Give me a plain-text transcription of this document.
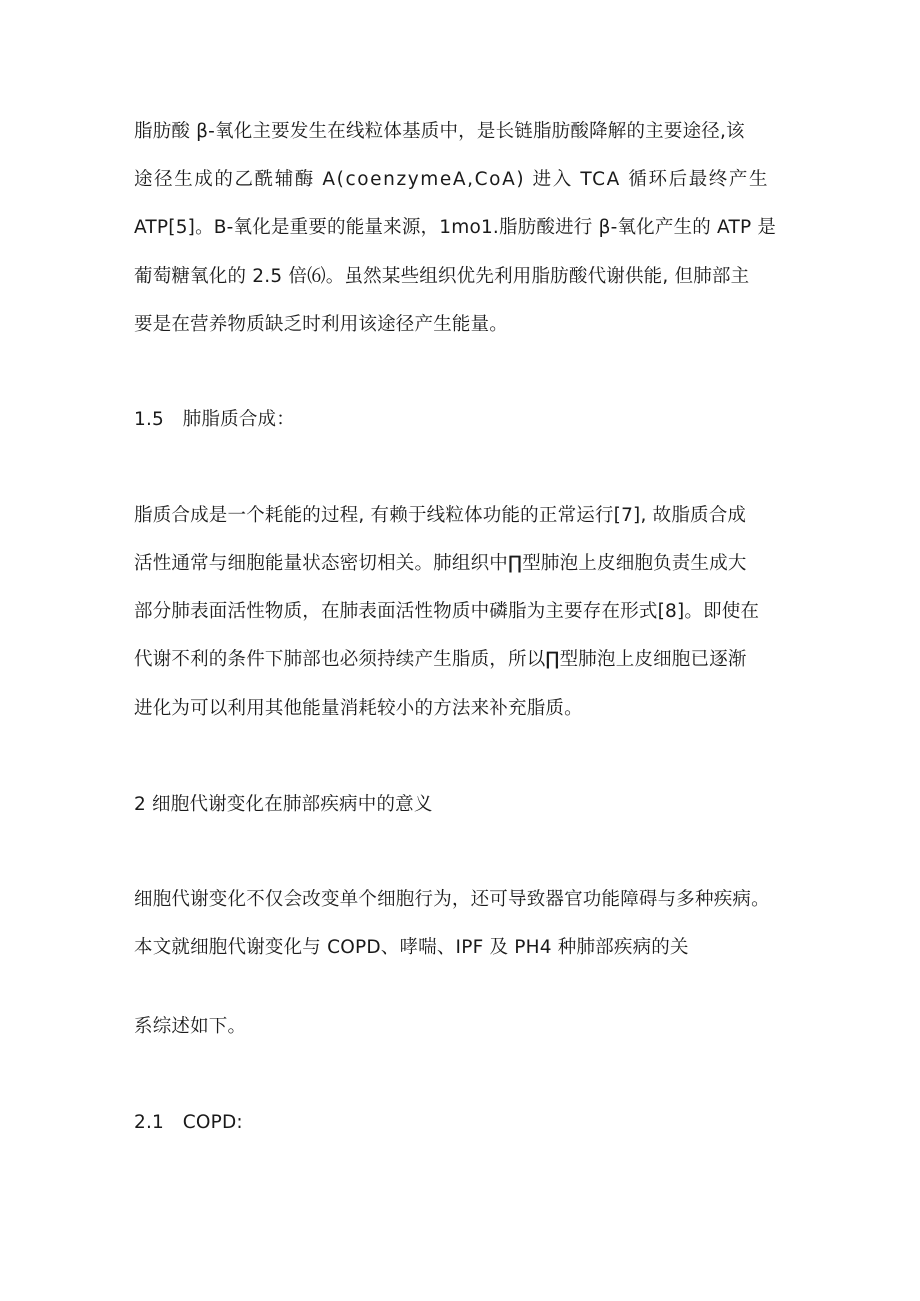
脂肪酸 β-氧化主要发生在线粒体基质中，是长链脂肪酸降解的主要途径,该
途径生成的乙酰辅酶 A(coenzymeA,CoA) 进入 TCA 循环后最终产生
ATP[5]。B-氧化是重要的能量来源，1mo1.脂肪酸进行 β-氧化产生的 ATP 是
葡萄糖氧化的 2.5 倍⑹。虽然某些组织优先利用脂肪酸代谢供能, 但肺部主
要是在营养物质缺乏时利用该途径产生能量。
1.5 肺脂质合成：
脂质合成是一个耗能的过程, 有赖于线粒体功能的正常运行[7], 故脂质合成
活性通常与细胞能量状态密切相关。肺组织中∏型肺泡上皮细胞负责生成大
部分肺表面活性物质，在肺表面活性物质中磷脂为主要存在形式[8]。即使在
代谢不利的条件下肺部也必须持续产生脂质，所以∏型肺泡上皮细胞已逐渐
进化为可以利用其他能量消耗较小的方法来补充脂质。
2 细胞代谢变化在肺部疾病中的意义
细胞代谢变化不仅会改变单个细胞行为，还可导致器官功能障碍与多种疾病。
本文就细胞代谢变化与 COPD、哮喘、IPF 及 PH4 种肺部疾病的关
系综述如下。
2.1 COPD:
